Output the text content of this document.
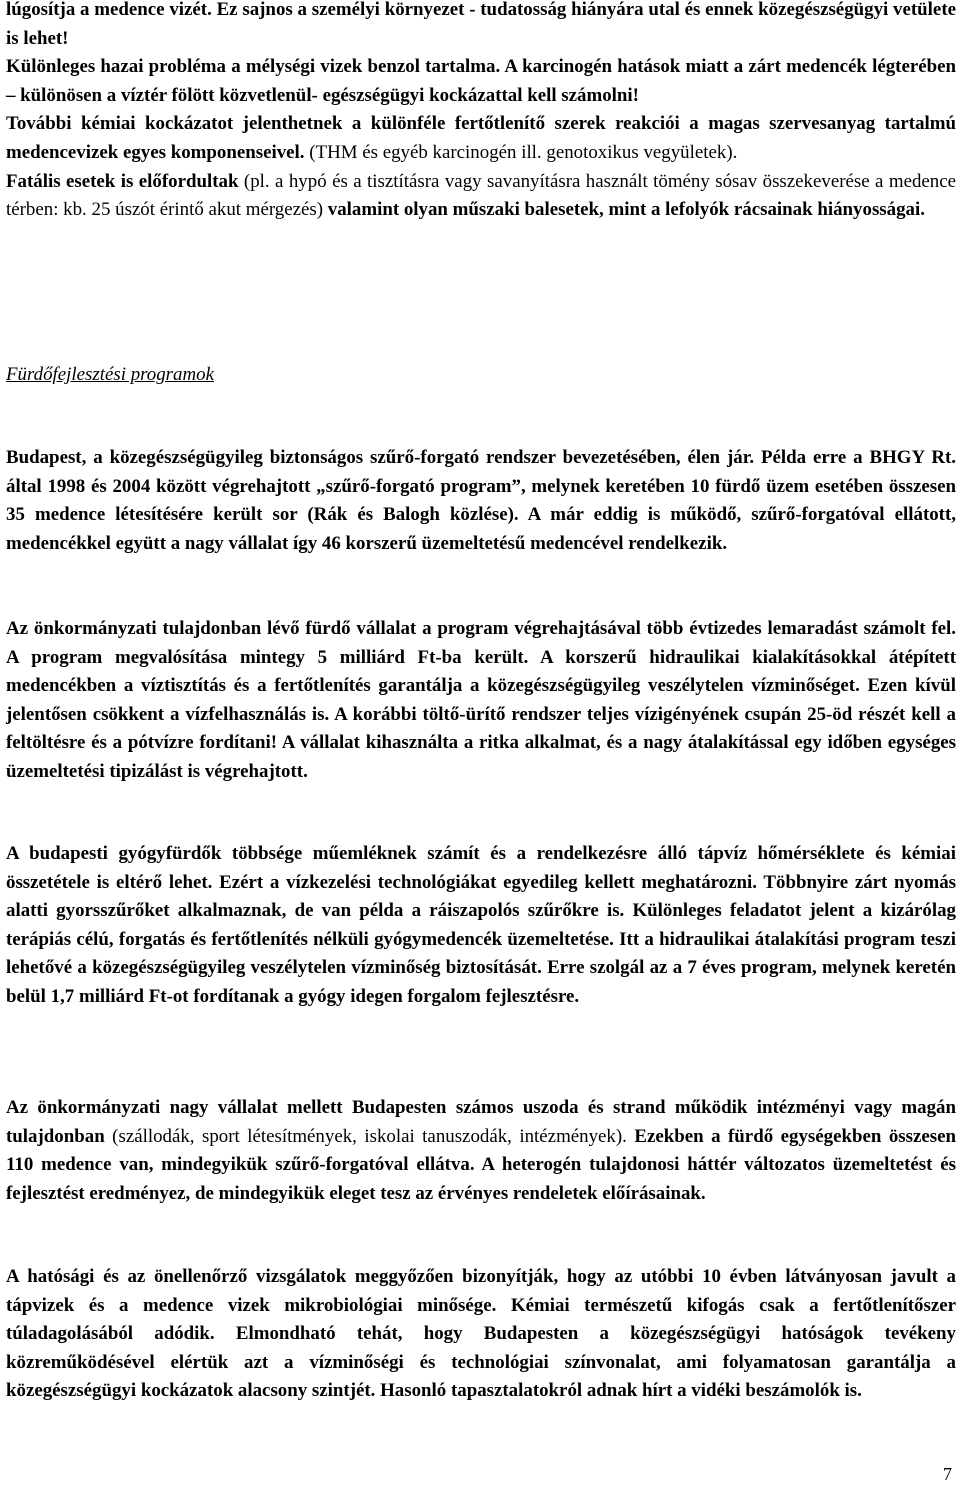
lúgosítja a medence vizét. Ez sajnos a személyi környezet - tudatosság hiányára utal és ennek közegészségügyi vetülete is lehet!
Különleges hazai probléma a mélységi vizek benzol tartalma. A karcinogén hatások miatt a zárt medencék légterében – különösen a víztér fölött közvetlenül- egészségügyi kockázattal kell számolni!
További kémiai kockázatot jelenthetnek a különféle fertőtlenítő szerek reakciói a magas szervesanyag tartalmú medencevizek egyes komponenseivel. (THM és egyéb karcinogén ill. genotoxikus vegyületek).
Fatális esetek is előfordultak (pl. a hypó és a tisztításra vagy savanyításra használt tömény sósav összekeverése a medence térben: kb. 25 úszót érintő akut mérgezés) valamint olyan műszaki balesetek, mint a lefolyók rácsainak hiányosságai.

Fürdőfejlesztési programok

Budapest, a közegészségügyileg biztonságos szűrő-forgató rendszer bevezetésében, élen jár. Példa erre a BHGY Rt. által 1998 és 2004 között végrehajtott „szűrő-forgató program”, melynek keretében 10 fürdő üzem esetében összesen 35 medence létesítésére került sor (Rák és Balogh közlése). A már eddig is működő, szűrő-forgatóval ellátott, medencékkel együtt a nagy vállalat így 46 korszerű üzemeltetésű medencével rendelkezik.

Az önkormányzati tulajdonban lévő fürdő vállalat a program végrehajtásával több évtizedes lemaradást számolt fel. A program megvalósítása mintegy 5 milliárd Ft-ba került. A korszerű hidraulikai kialakításokkal átépített medencékben a víztisztítás és a fertőtlenítés garantálja a közegészségügyileg veszélytelen vízminőséget. Ezen kívül jelentősen csökkent a vízfelhasználás is. A korábbi töltő-ürítő rendszer teljes vízigényének csupán 25-öd részét kell a feltöltésre és a pótvízre fordítani! A vállalat kihasználta a ritka alkalmat, és a nagy átalakítással egy időben egységes üzemeltetési tipizálást is végrehajtott.

A budapesti gyógyfürdők többsége műemléknek számít és a rendelkezésre álló tápvíz hőmérséklete és kémiai összetétele is eltérő lehet. Ezért a vízkezelési technológiákat egyedileg kellett meghatározni. Többnyire zárt nyomás alatti gyorsszűrőket alkalmaznak, de van példa a ráiszapolós szűrőkre is. Különleges feladatot jelent a kizárólag terápiás célú, forgatás és fertőtlenítés nélküli gyógymedencék üzemeltetése. Itt a hidraulikai átalakítási program teszi lehetővé a közegészségügyileg veszélytelen vízminőség biztosítását. Erre szolgál az a 7 éves program, melynek keretén belül 1,7 milliárd Ft-ot fordítanak a gyógy idegen forgalom fejlesztésre.

Az önkormányzati nagy vállalat mellett Budapesten számos uszoda és strand működik intézményi vagy magán tulajdonban (szállodák, sport létesítmények, iskolai tanuszodák, intézmények). Ezekben a fürdő egységekben összesen 110 medence van, mindegyikük szűrő-forgatóval ellátva. A heterogén tulajdonosi háttér változatos üzemeltetést és fejlesztést eredményez, de mindegyikük eleget tesz az érvényes rendeletek előírásainak.

A hatósági és az önellenőrző vizsgálatok meggyőzően bizonyítják, hogy az utóbbi 10 évben látványosan javult a tápvizek és a medence vizek mikrobiológiai minősége. Kémiai természetű kifogás csak a fertőtlenítőszer túladagolásából adódik. Elmondható tehát, hogy Budapesten a közegészségügyi hatóságok tevékeny közreműködésével elértük azt a vízminőségi és technológiai színvonalat, ami folyamatosan garantálja a közegészségügyi kockázatok alacsony szintjét. Hasonló tapasztalatokról adnak hírt a vidéki beszámolók is.

7
